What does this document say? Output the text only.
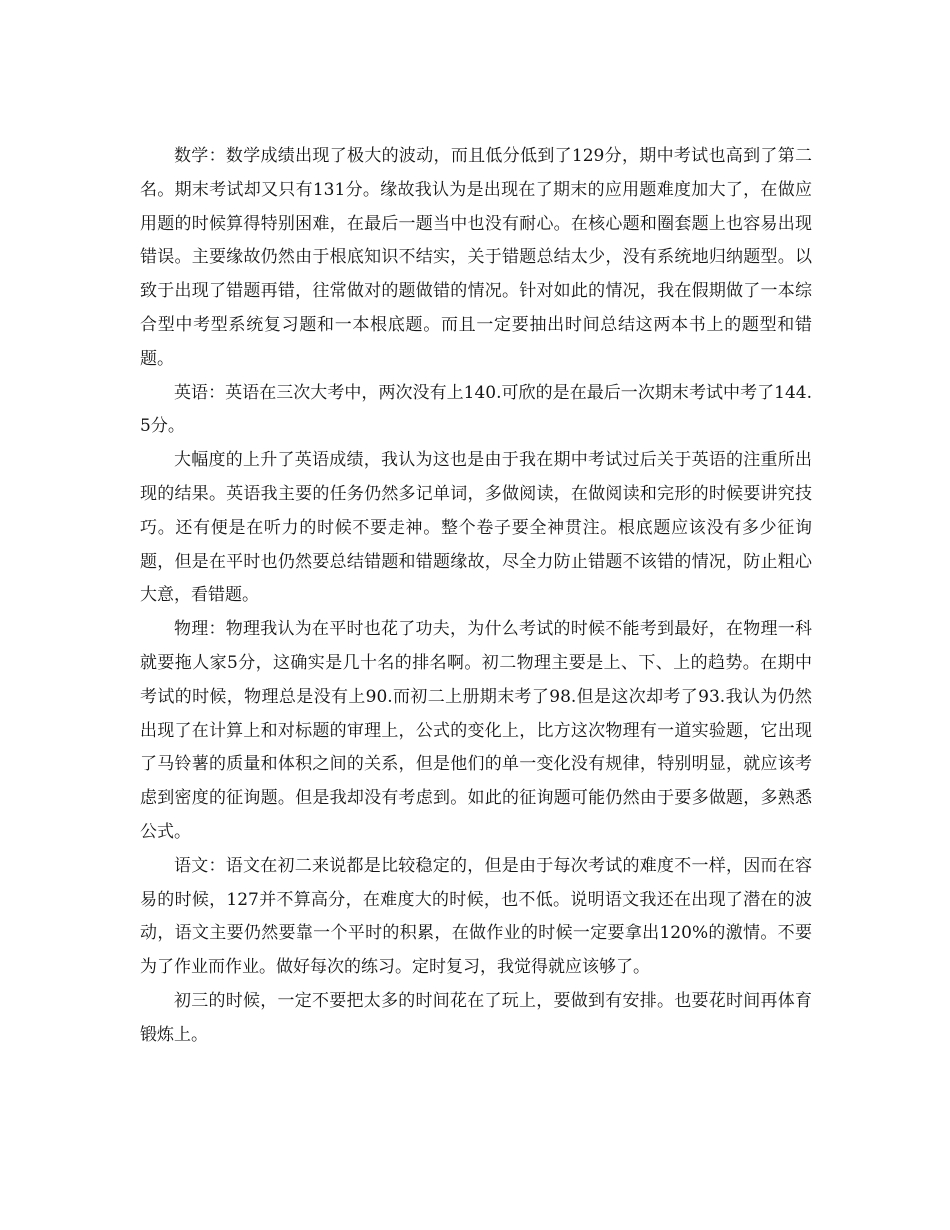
数学：数学成绩出现了极大的波动，而且低分低到了129分，期中考试也高到了第二名。期末考试却又只有131分。缘故我认为是出现在了期末的应用题难度加大了，在做应用题的时候算得特别困难，在最后一题当中也没有耐心。在核心题和圈套题上也容易出现错误。主要缘故仍然由于根底知识不结实，关于错题总结太少，没有系统地归纳题型。以致于出现了错题再错，往常做对的题做错的情况。针对如此的情况，我在假期做了一本综合型中考型系统复习题和一本根底题。而且一定要抽出时间总结这两本书上的题型和错题。

英语：英语在三次大考中，两次没有上140.可欣的是在最后一次期末考试中考了144.5分。

大幅度的上升了英语成绩，我认为这也是由于我在期中考试过后关于英语的注重所出现的结果。英语我主要的任务仍然多记单词，多做阅读，在做阅读和完形的时候要讲究技巧。还有便是在听力的时候不要走神。整个卷子要全神贯注。根底题应该没有多少征询题，但是在平时也仍然要总结错题和错题缘故，尽全力防止错题不该错的情况，防止粗心大意，看错题。

物理：物理我认为在平时也花了功夫，为什么考试的时候不能考到最好，在物理一科就要拖人家5分，这确实是几十名的排名啊。初二物理主要是上、下、上的趋势。在期中考试的时候，物理总是没有上90.而初二上册期末考了98.但是这次却考了93.我认为仍然出现了在计算上和对标题的审理上，公式的变化上，比方这次物理有一道实验题，它出现了马铃薯的质量和体积之间的关系，但是他们的单一变化没有规律，特别明显，就应该考虑到密度的征询题。但是我却没有考虑到。如此的征询题可能仍然由于要多做题，多熟悉公式。

语文：语文在初二来说都是比较稳定的，但是由于每次考试的难度不一样，因而在容易的时候，127并不算高分，在难度大的时候，也不低。说明语文我还在出现了潜在的波动，语文主要仍然要靠一个平时的积累，在做作业的时候一定要拿出120%的激情。不要为了作业而作业。做好每次的练习。定时复习，我觉得就应该够了。

初三的时候，一定不要把太多的时间花在了玩上，要做到有安排。也要花时间再体育锻炼上。
